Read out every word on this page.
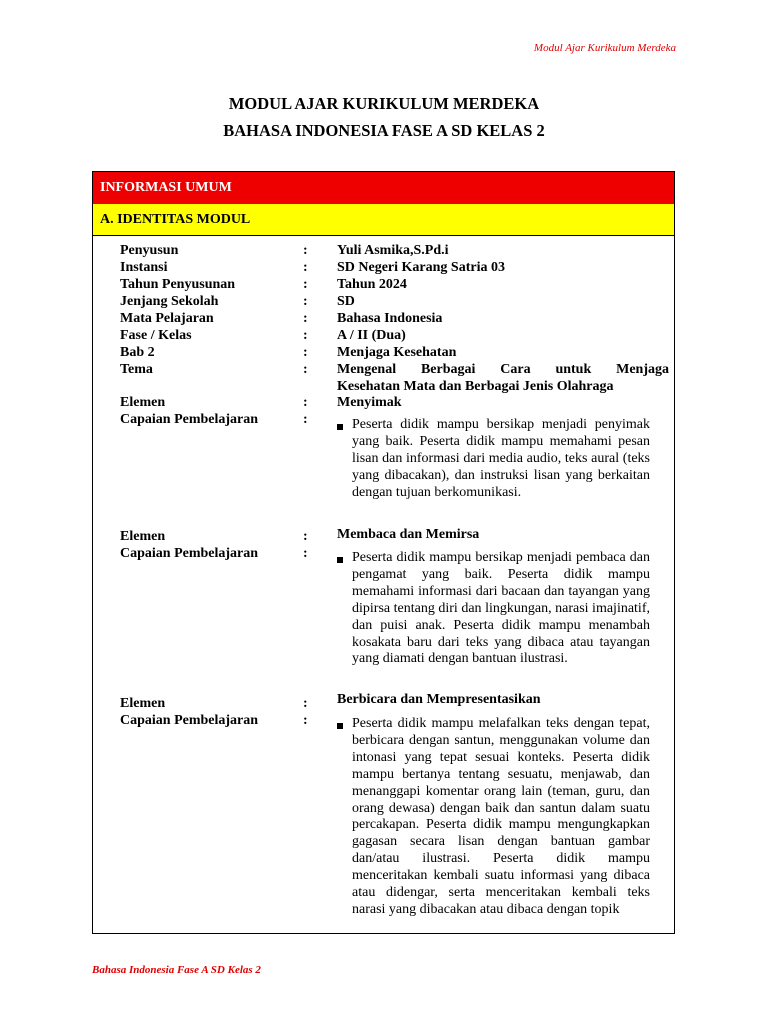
Modul Ajar Kurikulum Merdeka
MODUL AJAR KURIKULUM MERDEKA
BAHASA INDONESIA FASE A SD KELAS 2
INFORMASI UMUM
A. IDENTITAS MODUL
Penyusun	: Yuli Asmika,S.Pd.i
Instansi	: SD Negeri Karang Satria 03
Tahun Penyusunan	: Tahun 2024
Jenjang Sekolah	: SD
Mata Pelajaran	: Bahasa Indonesia
Fase / Kelas	: A / II (Dua)
Bab 2	: Menjaga Kesehatan
Tema	: Mengenal Berbagai Cara untuk Menjaga
Kesehatan Mata dan Berbagai Jenis Olahraga
Elemen	: Menyimak
Capaian Pembelajaran	:	Peserta didik mampu bersikap menjadi penyimak yang baik. Peserta didik mampu memahami pesan lisan dan informasi dari media audio, teks aural (teks yang dibacakan), dan instruksi lisan yang berkaitan dengan tujuan berkomunikasi.
Elemen	: Membaca dan Memirsa
Capaian Pembelajaran	:	Peserta didik mampu bersikap menjadi pembaca dan pengamat yang baik. Peserta didik mampu memahami informasi dari bacaan dan tayangan yang dipirsa tentang diri dan lingkungan, narasi imajinatif, dan puisi anak. Peserta didik mampu menambah kosakata baru dari teks yang dibaca atau tayangan yang diamati dengan bantuan ilustrasi.
Elemen	: Berbicara dan Mempresentasikan
Capaian Pembelajaran	:	Peserta didik mampu melafalkan teks dengan tepat, berbicara dengan santun, menggunakan volume dan intonasi yang tepat sesuai konteks. Peserta didik mampu bertanya tentang sesuatu, menjawab, dan menanggapi komentar orang lain (teman, guru, dan orang dewasa) dengan baik dan santun dalam suatu percakapan. Peserta didik mampu mengungkapkan gagasan secara lisan dengan bantuan gambar dan/atau ilustrasi. Peserta didik mampu menceritakan kembali suatu informasi yang dibaca atau didengar, serta menceritakan kembali teks narasi yang dibacakan atau dibaca dengan topik
Bahasa Indonesia Fase A SD Kelas 2
